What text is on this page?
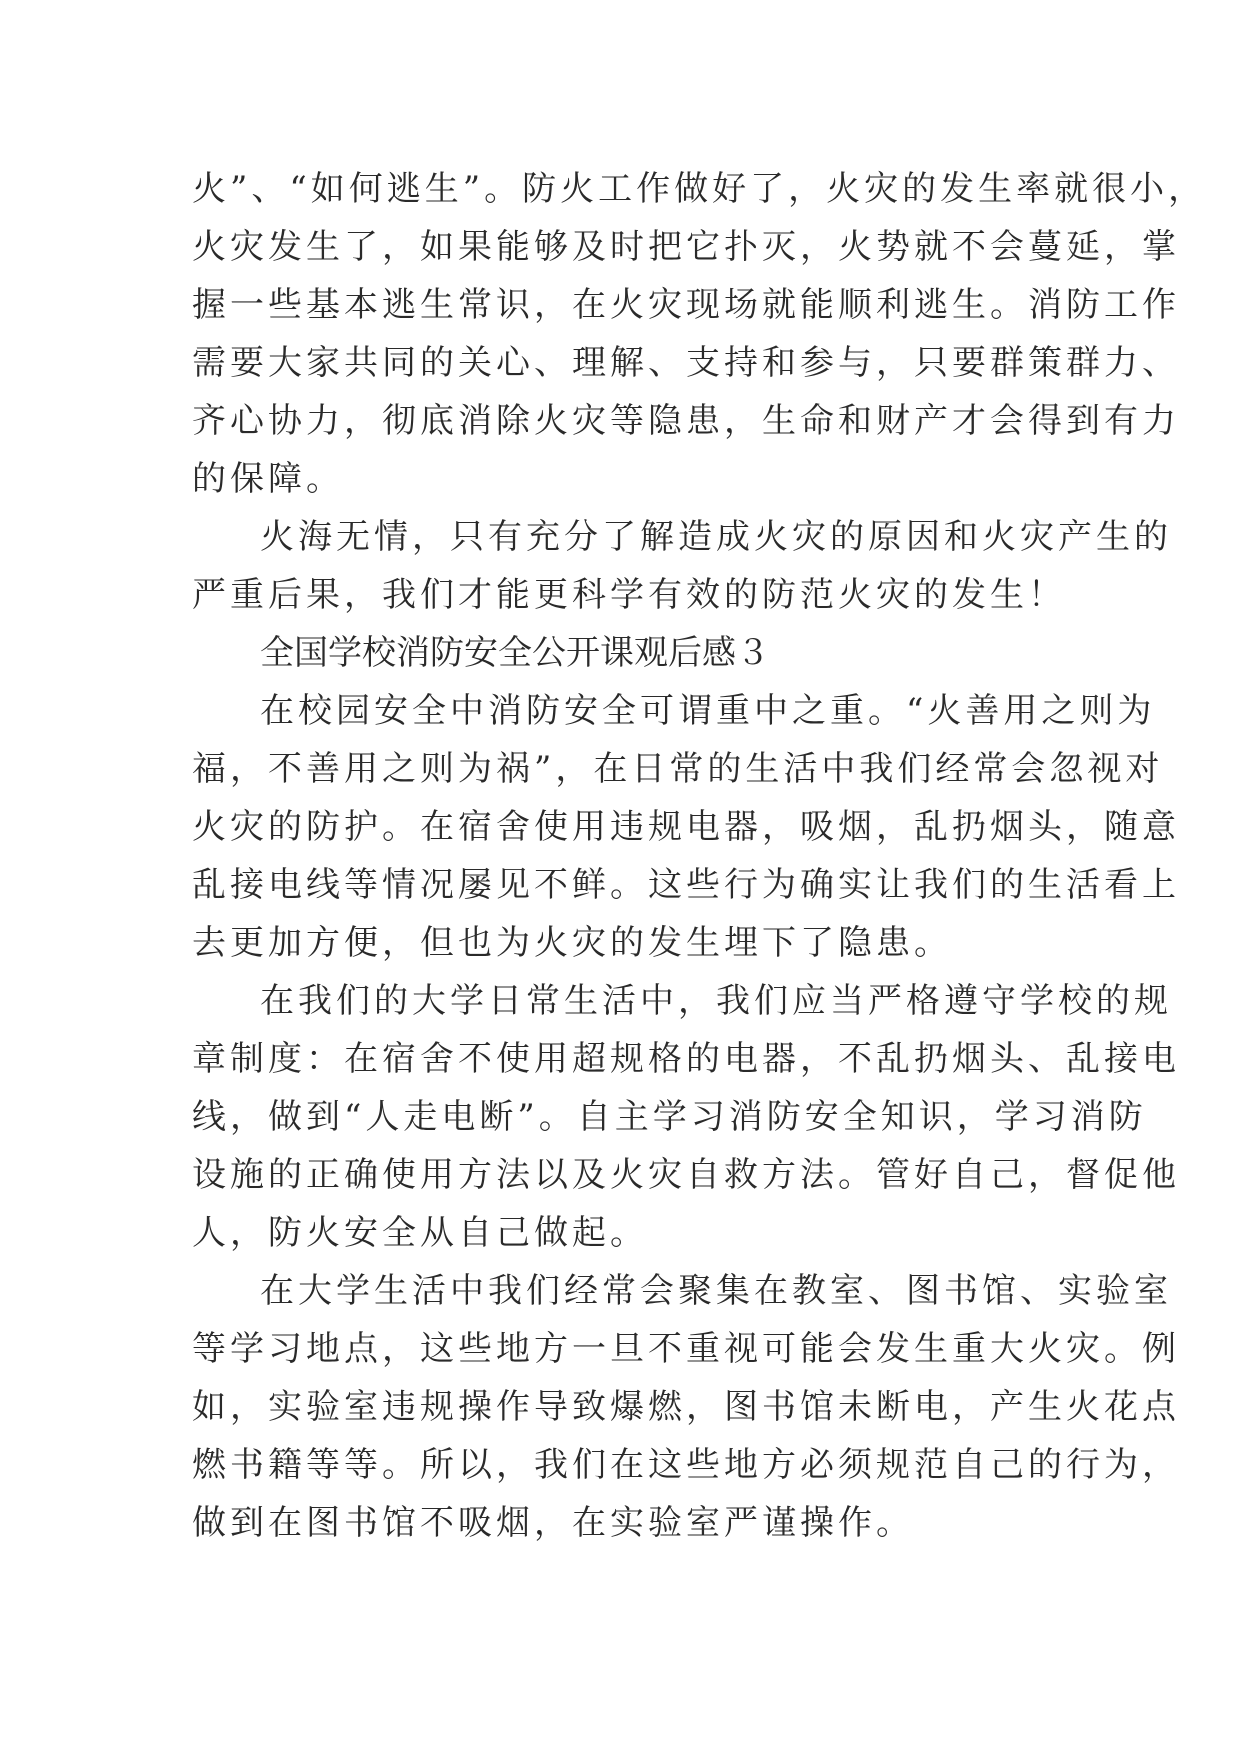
火”、“如何逃生”。防火工作做好了，火灾的发生率就很小，
火灾发生了，如果能够及时把它扑灭，火势就不会蔓延，掌
握一些基本逃生常识，在火灾现场就能顺利逃生。消防工作
需要大家共同的关心、理解、支持和参与，只要群策群力、
齐心协力，彻底消除火灾等隐患，生命和财产才会得到有力
的保障。
火海无情，只有充分了解造成火灾的原因和火灾产生的
严重后果，我们才能更科学有效的防范火灾的发生！
全国学校消防安全公开课观后感３
在校园安全中消防安全可谓重中之重。“火善用之则为
福，不善用之则为祸”，在日常的生活中我们经常会忽视对
火灾的防护。在宿舍使用违规电器，吸烟，乱扔烟头，随意
乱接电线等情况屡见不鲜。这些行为确实让我们的生活看上
去更加方便，但也为火灾的发生埋下了隐患。
在我们的大学日常生活中，我们应当严格遵守学校的规
章制度：在宿舍不使用超规格的电器，不乱扔烟头、乱接电
线，做到“人走电断”。自主学习消防安全知识，学习消防
设施的正确使用方法以及火灾自救方法。管好自己，督促他
人，防火安全从自己做起。
在大学生活中我们经常会聚集在教室、图书馆、实验室
等学习地点，这些地方一旦不重视可能会发生重大火灾。例
如，实验室违规操作导致爆燃，图书馆未断电，产生火花点
燃书籍等等。所以，我们在这些地方必须规范自己的行为，
做到在图书馆不吸烟，在实验室严谨操作。
